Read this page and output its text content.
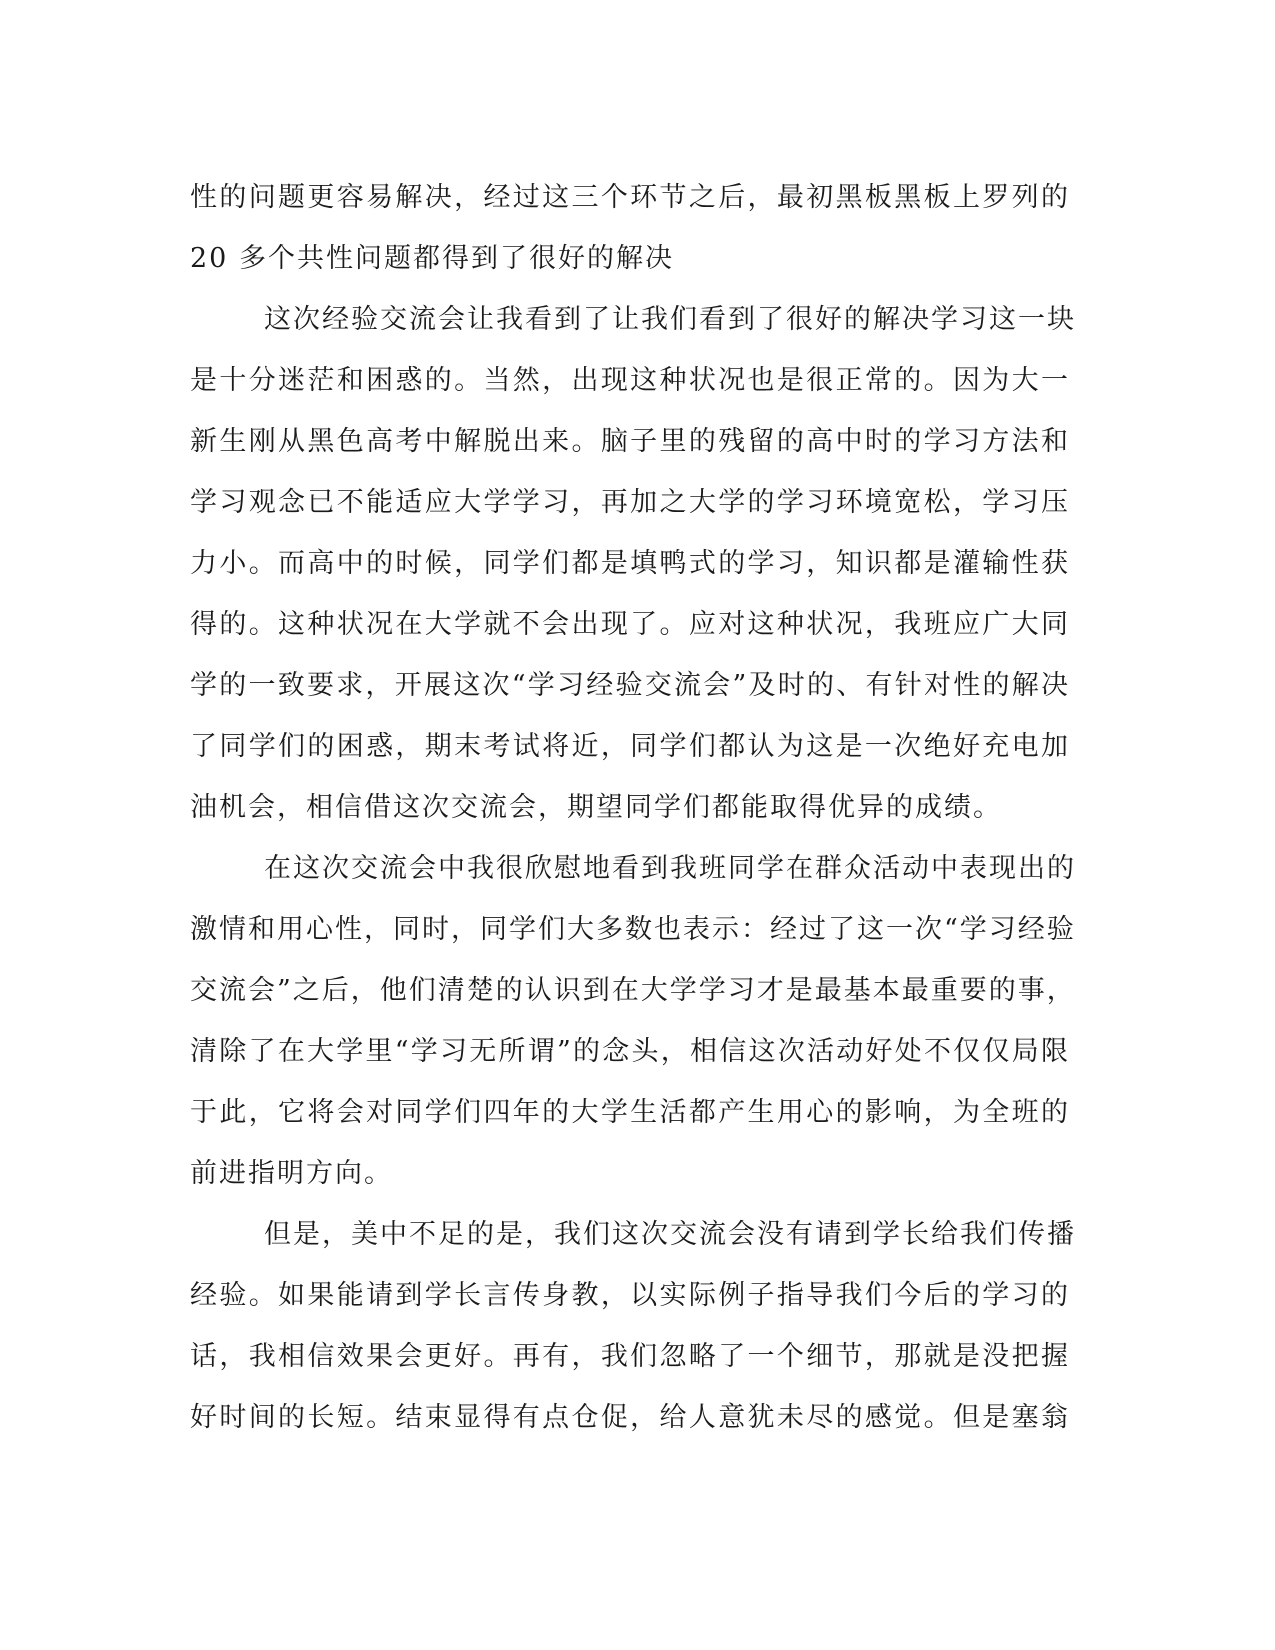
性的问题更容易解决，经过这三个环节之后，最初黑板黑板上罗列的
20 多个共性问题都得到了很好的解决
这次经验交流会让我看到了让我们看到了很好的解决学习这一块
是十分迷茫和困惑的。当然，出现这种状况也是很正常的。因为大一
新生刚从黑色高考中解脱出来。脑子里的残留的高中时的学习方法和
学习观念已不能适应大学学习，再加之大学的学习环境宽松，学习压
力小。而高中的时候，同学们都是填鸭式的学习，知识都是灌输性获
得的。这种状况在大学就不会出现了。应对这种状况，我班应广大同
学的一致要求，开展这次“学习经验交流会”及时的、有针对性的解决
了同学们的困惑，期末考试将近，同学们都认为这是一次绝好充电加
油机会，相信借这次交流会，期望同学们都能取得优异的成绩。
在这次交流会中我很欣慰地看到我班同学在群众活动中表现出的
激情和用心性，同时，同学们大多数也表示：经过了这一次“学习经验
交流会”之后，他们清楚的认识到在大学学习才是最基本最重要的事，
清除了在大学里“学习无所谓”的念头，相信这次活动好处不仅仅局限
于此，它将会对同学们四年的大学生活都产生用心的影响，为全班的
前进指明方向。
但是，美中不足的是，我们这次交流会没有请到学长给我们传播
经验。如果能请到学长言传身教，以实际例子指导我们今后的学习的
话，我相信效果会更好。再有，我们忽略了一个细节，那就是没把握
好时间的长短。结束显得有点仓促，给人意犹未尽的感觉。但是塞翁
